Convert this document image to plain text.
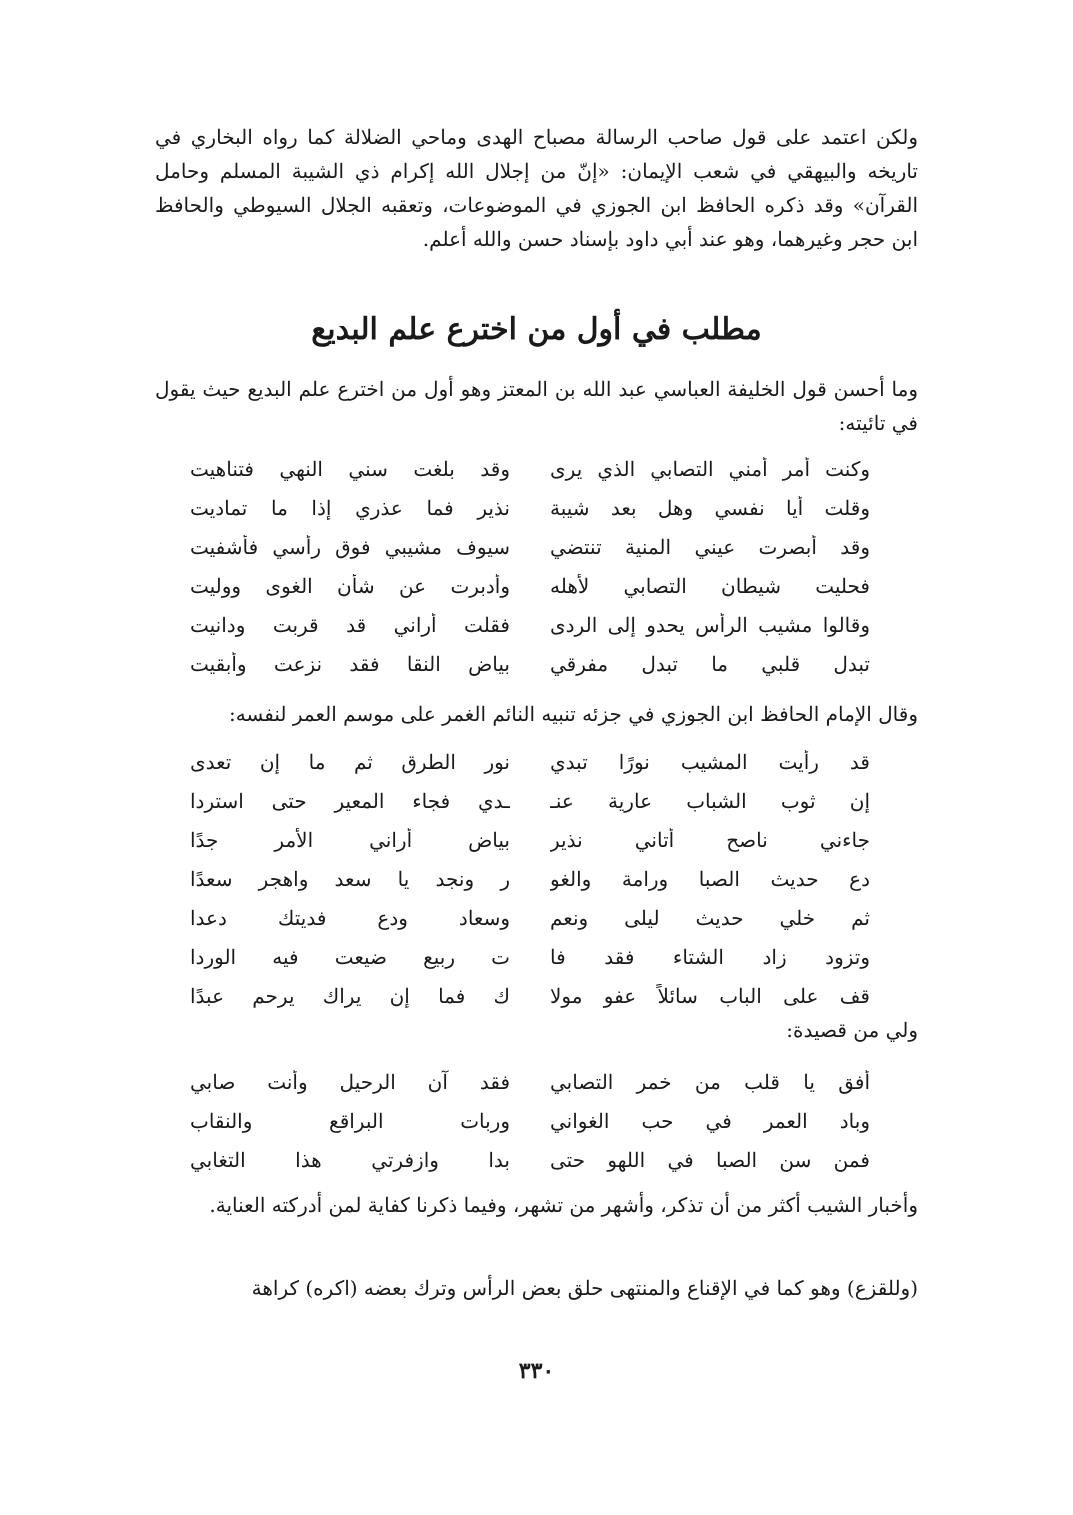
ولكن اعتمد على قول صاحب الرسالة مصباح الهدى وماحي الضلالة كما رواه البخاري في تاريخه والبيهقي في شعب الإيمان: «إنّ من إجلال الله إكرام ذي الشيبة المسلم وحامل القرآن» وقد ذكره الحافظ ابن الجوزي في الموضوعات، وتعقبه الجلال السيوطي والحافظ ابن حجر وغيرهما، وهو عند أبي داود بإسناد حسن والله أعلم.

مطلب في أول من اخترع علم البديع

وما أحسن قول الخليفة العباسي عبد الله بن المعتز وهو أول من اخترع علم البديع حيث يقول في تائيته:

وكنت أمر أمني التصابي الذي يرى
وقد بلغت سني النهي فتناهيت
وقلت أيا نفسي وهل بعد شيبة
نذير فما عذري إذا ما تماديت
وقد أبصرت عيني المنية تنتضي
سيوف مشيبي فوق رأسي فأشفيت
فحليت شيطان التصابي لأهله
وأدبرت عن شأن الغوى ووليت
وقالوا مشيب الرأس يحدو إلى الردى
فقلت أراني قد قربت ودانيت
تبدل قلبي ما تبدل مفرقي
بياض النقا فقد نزعت وأبقيت

وقال الإمام الحافظ ابن الجوزي في جزئه تنبيه النائم الغمر على موسم العمر لنفسه:

قد رأيت المشيب نورًا تبدي
نور الطرق ثم ما إن تعدى
إن ثوب الشباب عارية عنـ
ـدي فجاء المعير حتى استردا
جاءني ناصح أتاني نذير
بياض أراني الأمر جدًا
دع حديث الصبا ورامة والغو
ر ونجد يا سعد واهجر سعدًا
ثم خلي حديث ليلى ونعم
وسعاد ودع فديتك دعدا
وتزود زاد الشتاء فقد فا
ت ربيع ضيعت فيه الوردا
قف على الباب سائلاً عفو مولا
ك فما إن يراك يرحم عبدًا

ولي من قصيدة:

أفق يا قلب من خمر التصابي
فقد آن الرحيل وأنت صابي
وباد العمر في حب الغواني
وربات البراقع والنقاب
فمن سن الصبا في اللهو حتى
بدا وازفرتي هذا التغابي

وأخبار الشيب أكثر من أن تذكر، وأشهر من تشهر، وفيما ذكرنا كفاية لمن أدركته العناية.

(وللقزع) وهو كما في الإقناع والمنتهى حلق بعض الرأس وترك بعضه (اكره) كراهة

٣٣٠
